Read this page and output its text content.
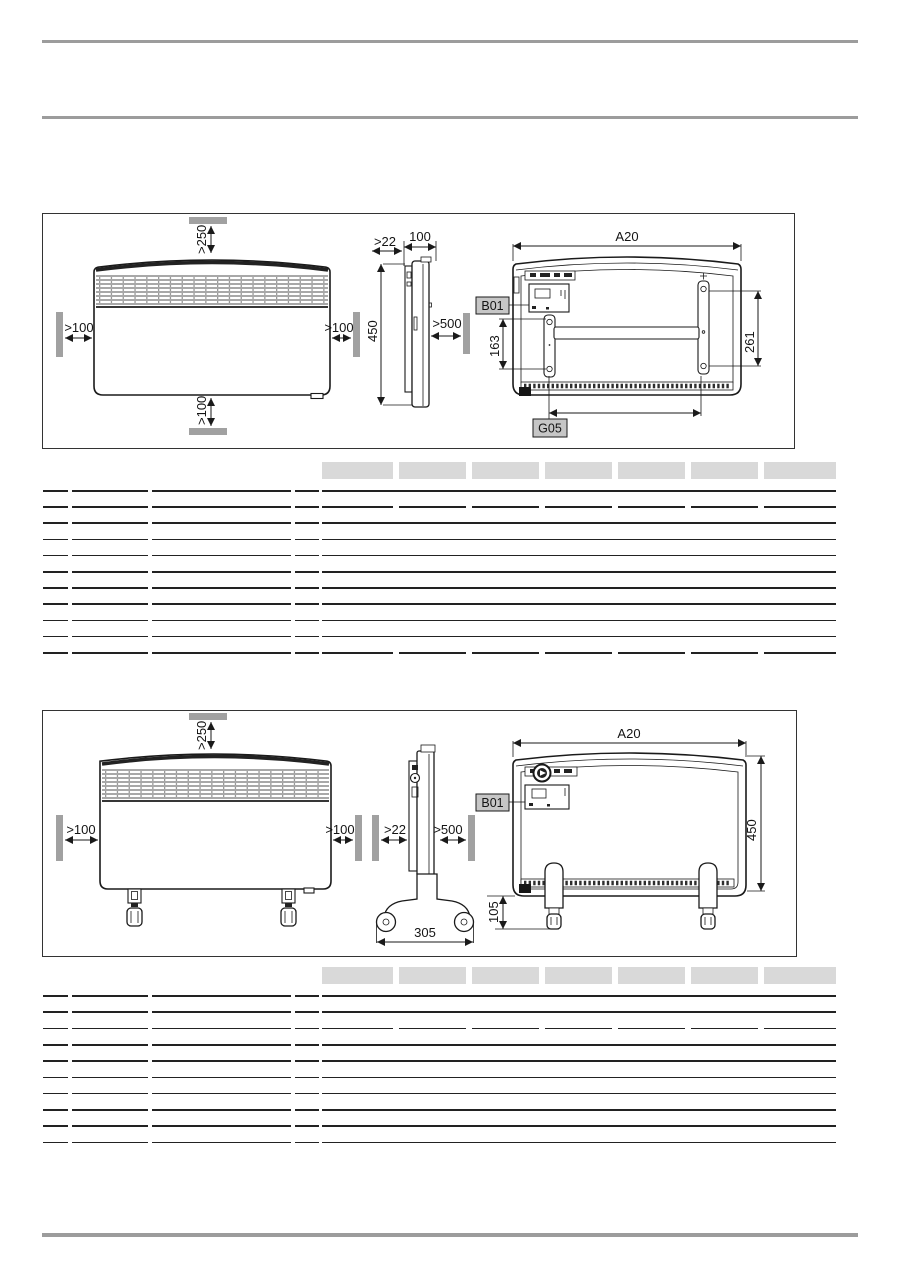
>250
>100	>100
>100
>22 100
450	>500
A20
B01
163	261
G05
>250
>100	>100 >22 >500
305
A20
B01
450
105
